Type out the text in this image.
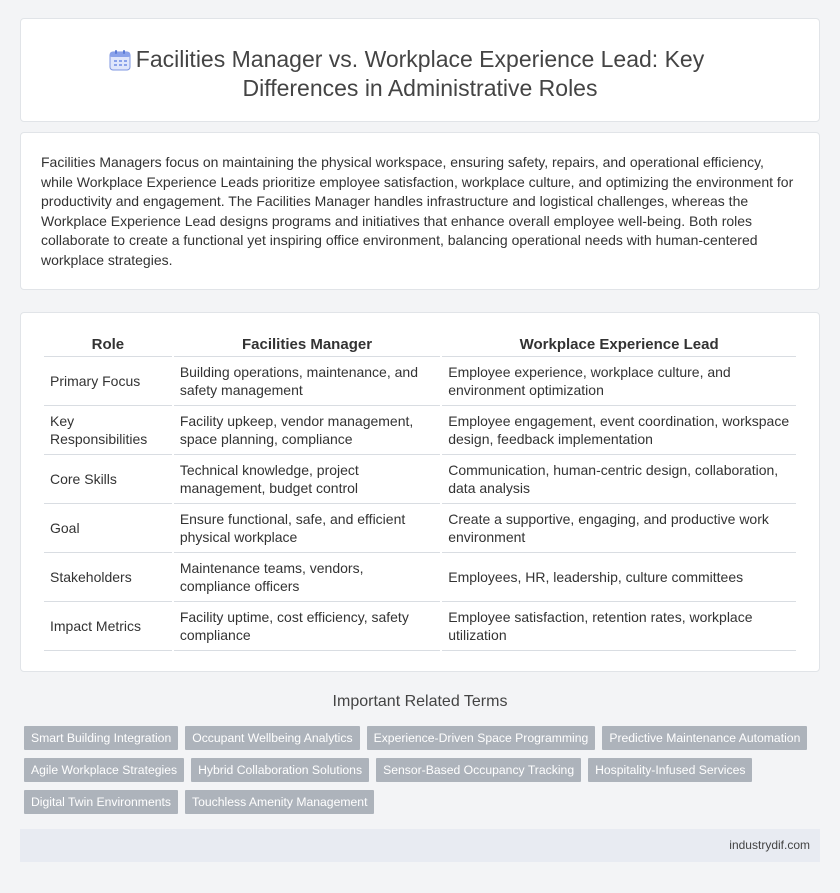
Facilities Manager vs. Workplace Experience Lead: Key Differences in Administrative Roles

Facilities Managers focus on maintaining the physical workspace, ensuring safety, repairs, and operational efficiency, while Workplace Experience Leads prioritize employee satisfaction, workplace culture, and optimizing the environment for productivity and engagement. The Facilities Manager handles infrastructure and logistical challenges, whereas the Workplace Experience Lead designs programs and initiatives that enhance overall employee well-being. Both roles collaborate to create a functional yet inspiring office environment, balancing operational needs with human-centered workplace strategies.

Role	Facilities Manager	Workplace Experience Lead
Primary Focus	Building operations, maintenance, and safety management	Employee experience, workplace culture, and environment optimization
Key Responsibilities	Facility upkeep, vendor management, space planning, compliance	Employee engagement, event coordination, workspace design, feedback implementation
Core Skills	Technical knowledge, project management, budget control	Communication, human-centric design, collaboration, data analysis
Goal	Ensure functional, safe, and efficient physical workplace	Create a supportive, engaging, and productive work environment
Stakeholders	Maintenance teams, vendors, compliance officers	Employees, HR, leadership, culture committees
Impact Metrics	Facility uptime, cost efficiency, safety compliance	Employee satisfaction, retention rates, workplace utilization
Important Related Terms
Smart Building Integration	Occupant Wellbeing Analytics	Experience-Driven Space Programming	Predictive Maintenance Automation
Agile Workplace Strategies	Hybrid Collaboration Solutions	Sensor-Based Occupancy Tracking	Hospitality-Infused Services
Digital Twin Environments	Touchless Amenity Management
industrydif.com
